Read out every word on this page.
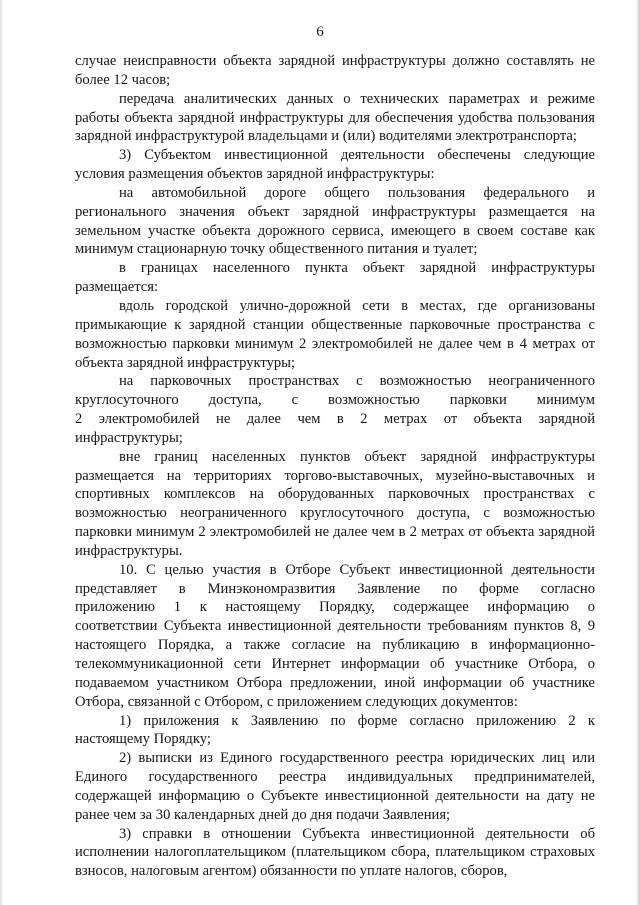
6

случае неисправности объекта зарядной инфраструктуры должно составлять не более 12 часов;

передача аналитических данных о технических параметрах и режиме работы объекта зарядной инфраструктуры для обеспечения удобства пользования зарядной инфраструктурой владельцами и (или) водителями электротранспорта;

3) Субъектом инвестиционной деятельности обеспечены следующие условия размещения объектов зарядной инфраструктуры:

на автомобильной дороге общего пользования федерального и регионального значения объект зарядной инфраструктуры размещается на земельном участке объекта дорожного сервиса, имеющего в своем составе как минимум стационарную точку общественного питания и туалет;

в границах населенного пункта объект зарядной инфраструктуры размещается:

вдоль городской улично-дорожной сети в местах, где организованы примыкающие к зарядной станции общественные парковочные пространства с возможностью парковки минимум 2 электромобилей не далее чем в 4 метрах от объекта зарядной инфраструктуры;

на парковочных пространствах с возможностью неограниченного
круглосуточного доступа, с возможностью парковки минимум
2 электромобилей не далее чем в 2 метрах от объекта зарядной
инфраструктуры;

вне границ населенных пунктов объект зарядной инфраструктуры размещается на территориях торгово-выставочных, музейно-выставочных и спортивных комплексов на оборудованных парковочных пространствах с возможностью неограниченного круглосуточного доступа, с возможностью парковки минимум 2 электромобилей не далее чем в 2 метрах от объекта зарядной инфраструктуры.

10. С целью участия в Отборе Субъект инвестиционной деятельности
представляет в Минэкономразвития Заявление по форме согласно
приложению 1 к настоящему Порядку, содержащее информацию о

соответствии Субъекта инвестиционной деятельности требованиям пунктов 8, 9 настоящего Порядка, а также согласие на публикацию в информационно-телекоммуникационной сети Интернет информации об участнике Отбора, о подаваемом участником Отбора предложении, иной информации об участнике Отбора, связанной с Отбором, с приложением следующих документов:

1) приложения к Заявлению по форме согласно приложению 2 к настоящему Порядку;

2) выписки из Единого государственного реестра юридических лиц или Единого государственного реестра индивидуальных предпринимателей, содержащей информацию о Субъекте инвестиционной деятельности на дату не ранее чем за 30 календарных дней до дня подачи Заявления;

3) справки в отношении Субъекта инвестиционной деятельности об исполнении налогоплательщиком (плательщиком сбора, плательщиком страховых взносов, налоговым агентом) обязанности по уплате налогов, сборов,
